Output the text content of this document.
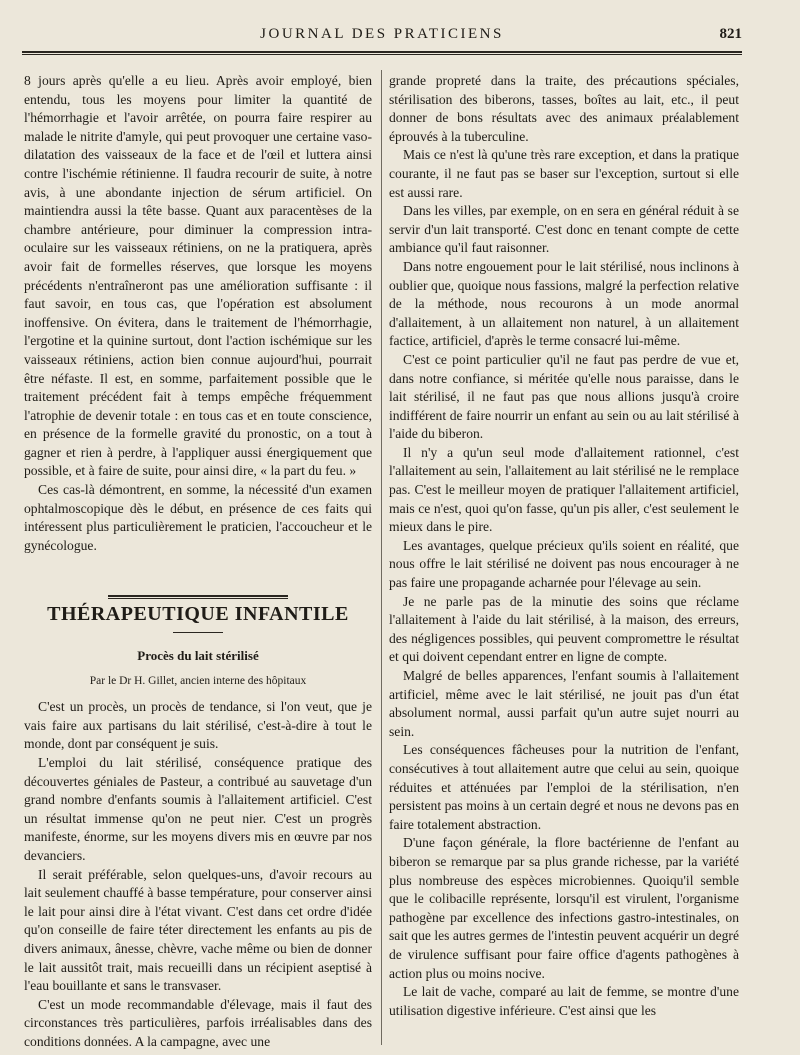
JOURNAL DES PRATICIENS	821

8 jours après qu'elle a eu lieu. Après avoir employé, bien entendu, tous les moyens pour limiter la quantité de l'hémorrhagie et l'avoir arrêtée, on pourra faire respirer au malade le nitrite d'amyle, qui peut provoquer une certaine vaso-dilatation des vaisseaux de la face et de l'œil et luttera ainsi contre l'ischémie rétinienne. Il faudra recourir de suite, à notre avis, à une abondante injection de sérum artificiel. On maintiendra aussi la tête basse. Quant aux paracentèses de la chambre antérieure, pour diminuer la compression intra-oculaire sur les vaisseaux rétiniens, on ne la pratiquera, après avoir fait de formelles réserves, que lorsque les moyens précédents n'entraîneront pas une amélioration suffisante : il faut savoir, en tous cas, que l'opération est absolument inoffensive. On évitera, dans le traitement de l'hémorrhagie, l'ergotine et la quinine surtout, dont l'action ischémique sur les vaisseaux rétiniens, action bien connue aujourd'hui, pourrait être néfaste. Il est, en somme, parfaitement possible que le traitement précédent fait à temps empêche fréquemment l'atrophie de devenir totale : en tous cas et en toute conscience, en présence de la formelle gravité du pronostic, on a tout à gagner et rien à perdre, à l'appliquer aussi énergiquement que possible, et à faire de suite, pour ainsi dire, « la part du feu. »

Ces cas-là démontrent, en somme, la nécessité d'un examen ophtalmoscopique dès le début, en présence de ces faits qui intéressent plus particulièrement le praticien, l'accoucheur et le gynécologue.

THÉRAPEUTIQUE INFANTILE
Procès du lait stérilisé
Par le Dr H. Gillet, ancien interne des hôpitaux

C'est un procès, un procès de tendance, si l'on veut, que je vais faire aux partisans du lait stérilisé, c'est-à-dire à tout le monde, dont par conséquent je suis.

L'emploi du lait stérilisé, conséquence pratique des découvertes géniales de Pasteur, a contribué au sauvetage d'un grand nombre d'enfants soumis à l'allaitement artificiel. C'est un résultat immense qu'on ne peut nier. C'est un progrès manifeste, énorme, sur les moyens divers mis en œuvre par nos devanciers.

Il serait préférable, selon quelques-uns, d'avoir recours au lait seulement chauffé à basse température, pour conserver ainsi le lait pour ainsi dire à l'état vivant. C'est dans cet ordre d'idée qu'on conseille de faire téter directement les enfants au pis de divers animaux, ânesse, chèvre, vache même ou bien de donner le lait aussitôt trait, mais recueilli dans un récipient aseptisé à l'eau bouillante et sans le transvaser.

C'est un mode recommandable d'élevage, mais il faut des circonstances très particulières, parfois irréalisables dans des conditions données. A la campagne, avec une

grande propreté dans la traite, des précautions spéciales, stérilisation des biberons, tasses, boîtes au lait, etc., il peut donner de bons résultats avec des animaux préalablement éprouvés à la tuberculine.

Mais ce n'est là qu'une très rare exception, et dans la pratique courante, il ne faut pas se baser sur l'exception, surtout si elle est aussi rare.

Dans les villes, par exemple, on en sera en général réduit à se servir d'un lait transporté. C'est donc en tenant compte de cette ambiance qu'il faut raisonner.

Dans notre engouement pour le lait stérilisé, nous inclinons à oublier que, quoique nous fassions, malgré la perfection relative de la méthode, nous recourons à un mode anormal d'allaitement, à un allaitement non naturel, à un allaitement factice, artificiel, d'après le terme consacré lui-même.

C'est ce point particulier qu'il ne faut pas perdre de vue et, dans notre confiance, si méritée qu'elle nous paraisse, dans le lait stérilisé, il ne faut pas que nous allions jusqu'à croire indifférent de faire nourrir un enfant au sein ou au lait stérilisé à l'aide du biberon.

Il n'y a qu'un seul mode d'allaitement rationnel, c'est l'allaitement au sein, l'allaitement au lait stérilisé ne le remplace pas. C'est le meilleur moyen de pratiquer l'allaitement artificiel, mais ce n'est, quoi qu'on fasse, qu'un pis aller, c'est seulement le mieux dans le pire.

Les avantages, quelque précieux qu'ils soient en réalité, que nous offre le lait stérilisé ne doivent pas nous encourager à ne pas faire une propagande acharnée pour l'élevage au sein.

Je ne parle pas de la minutie des soins que réclame l'allaitement à l'aide du lait stérilisé, à la maison, des erreurs, des négligences possibles, qui peuvent compromettre le résultat et qui doivent cependant entrer en ligne de compte.

Malgré de belles apparences, l'enfant soumis à l'allaitement artificiel, même avec le lait stérilisé, ne jouit pas d'un état absolument normal, aussi parfait qu'un autre sujet nourri au sein.

Les conséquences fâcheuses pour la nutrition de l'enfant, consécutives à tout allaitement autre que celui au sein, quoique réduites et atténuées par l'emploi de la stérilisation, n'en persistent pas moins à un certain degré et nous ne devons pas en faire totalement abstraction.

D'une façon générale, la flore bactérienne de l'enfant au biberon se remarque par sa plus grande richesse, par la variété plus nombreuse des espèces microbiennes. Quoiqu'il semble que le colibacille représente, lorsqu'il est virulent, l'organisme pathogène par excellence des infections gastro-intestinales, on sait que les autres germes de l'intestin peuvent acquérir un degré de virulence suffisant pour faire office d'agents pathogènes à action plus ou moins nocive.

Le lait de vache, comparé au lait de femme, se montre d'une utilisation digestive inférieure. C'est ainsi que les
